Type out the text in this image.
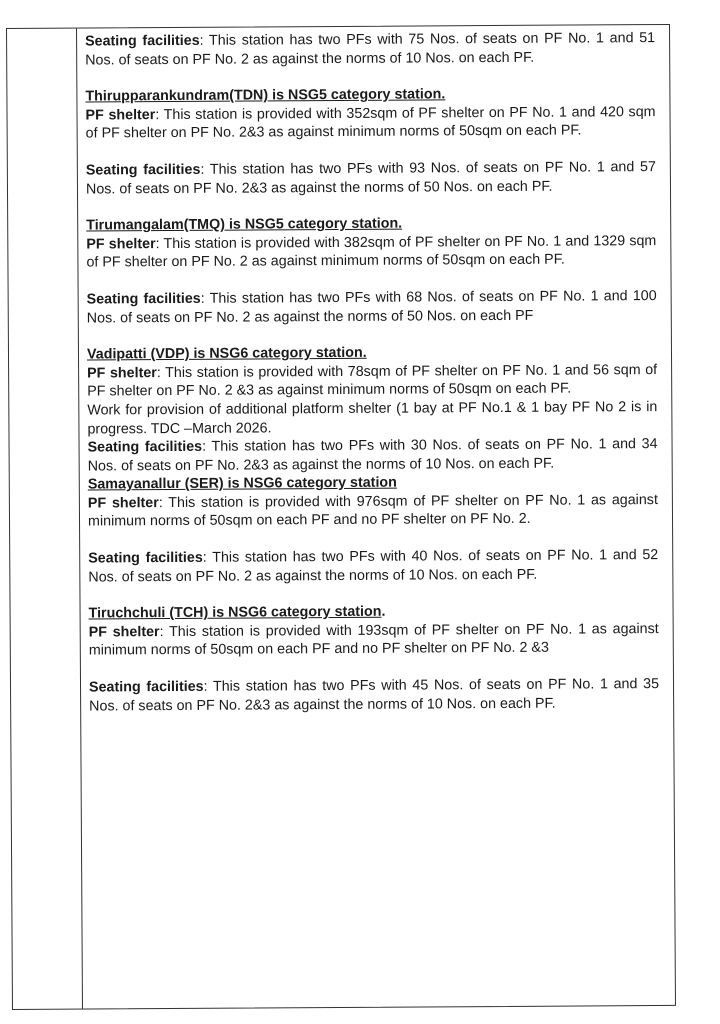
Seating facilities: This station has two PFs with 75 Nos. of seats on PF No. 1 and 51 Nos. of seats on PF No. 2 as against the norms of 10 Nos. on each PF.

Thirupparankundram(TDN) is NSG5 category station.

PF shelter: This station is provided with 352sqm of PF shelter on PF No. 1 and 420 sqm of PF shelter on PF No. 2&3 as against minimum norms of 50sqm on each PF.

Seating facilities: This station has two PFs with 93 Nos. of seats on PF No. 1 and 57 Nos. of seats on PF No. 2&3 as against the norms of 50 Nos. on each PF.

Tirumangalam(TMQ) is NSG5 category station.

PF shelter: This station is provided with 382sqm of PF shelter on PF No. 1 and 1329 sqm of PF shelter on PF No. 2 as against minimum norms of 50sqm on each PF.

Seating facilities: This station has two PFs with 68 Nos. of seats on PF No. 1 and 100 Nos. of seats on PF No. 2 as against the norms of 50 Nos. on each PF

Vadipatti (VDP) is NSG6 category station.

PF shelter: This station is provided with 78sqm of PF shelter on PF No. 1 and 56 sqm of PF shelter on PF No. 2 &3 as against minimum norms of 50sqm on each PF.

Work for provision of additional platform shelter (1 bay at PF No.1 & 1 bay PF No 2 is in progress. TDC –March 2026.

Seating facilities: This station has two PFs with 30 Nos. of seats on PF No. 1 and 34 Nos. of seats on PF No. 2&3 as against the norms of 10 Nos. on each PF.

Samayanallur (SER) is NSG6 category station

PF shelter: This station is provided with 976sqm of PF shelter on PF No. 1 as against minimum norms of 50sqm on each PF and no PF shelter on PF No. 2.

Seating facilities: This station has two PFs with 40 Nos. of seats on PF No. 1 and 52 Nos. of seats on PF No. 2 as against the norms of 10 Nos. on each PF.

Tiruchchuli (TCH) is NSG6 category station.

PF shelter: This station is provided with 193sqm of PF shelter on PF No. 1 as against minimum norms of 50sqm on each PF and no PF shelter on PF No. 2 &3

Seating facilities: This station has two PFs with 45 Nos. of seats on PF No. 1 and 35 Nos. of seats on PF No. 2&3 as against the norms of 10 Nos. on each PF.
